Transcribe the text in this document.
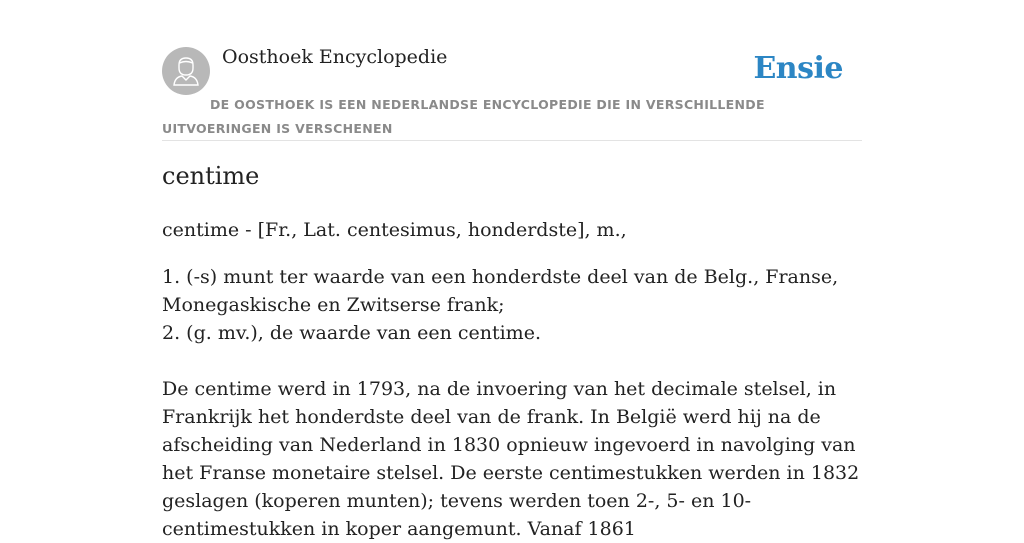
Oosthoek Encyclopedie	Ensie
DE OOSTHOEK IS EEN NEDERLANDSE ENCYCLOPEDIE DIE IN VERSCHILLENDE UITVOERINGEN IS VERSCHENEN
centime

centime - [Fr., Lat. centesimus, honderdste], m.,

1. (-s) munt ter waarde van een honderdste deel van de Belg., Franse, Monegaskische en Zwitserse frank;
2. (g. mv.), de waarde van een centime.

De centime werd in 1793, na de invoering van het decimale stelsel, in Frankrijk het honderdste deel van de frank. In België werd hij na de afscheiding van Nederland in 1830 opnieuw ingevoerd in navolging van het Franse monetaire stelsel. De eerste centimestukken werden in 1832 geslagen (koperen munten); tevens werden toen 2-, 5- en 10-centimestukken in koper aangemunt. Vanaf 1861
